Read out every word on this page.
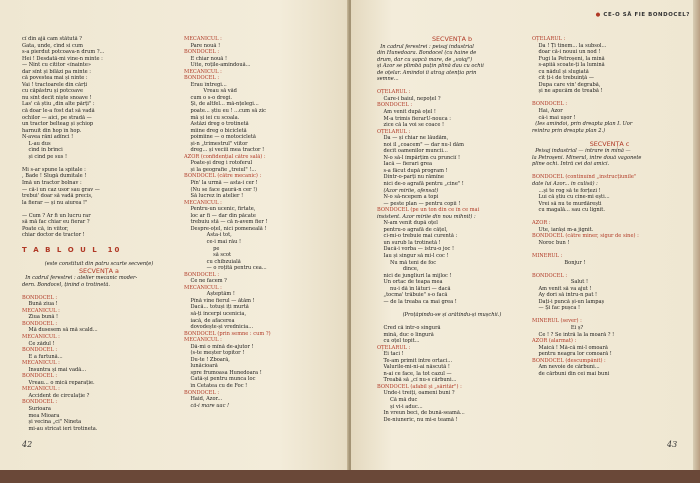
cî din ajă cam stătută ?
Gata, unde, cînd si cum
s-a pierdut potcoava-n drum ?...
Hei ! Desdată-mi vine-n minte :
— Nînt cu cititor «înainte»
dar sînt și bilăzi pa minte :
că povestea mai și ninte :
Vai ! tractoarele din cărți
cu căpăstru și potcoave
nu sînt decît niște snoave !
Las' că știu „din alte părți" :
că doar le-a fost dat să vadă
ochilor — aici, pe stradă —
un tractor belteag și șchiop
harnuit din hop în hop.
N-avea răni adînci !
L-au dus
cînd în brînci
și cînd pe sus !
Mi s-ar spune la spitale :
, Bade ! Slugă dumitale !
Imă un tractor bolnav :
— că-i un caz usor sau grav —
trebui' doar să vadă precis,
la fierar — și nu aiurea !"
— Cum ? Ar fi un lucru rar
să mă fac chiar eu fierar ?
Poate că, în viitor,
chiar doctor de tractor !
T A B L O U L  10
(este constituit din patru scurte secvențe)
SECVENȚA a
In cadrul ferestrei : atelier mecanic moder-
dern. Bondocel, ținînd o trotinetă.
BONDOCEL :
Bună ziua !
MECANICUL :
Ziua bună !
BONDOCEL :
Mă dusesem să mă scald...
MECANICUL :
Ce zădul !
BONDOCEL :
E a furtună...
MECANICUL :
Insuntra și mai vadă...
BONDOCEL :
Vreau... o mică reparație.
MECANICUL :
Accident de circulație ?
BONDOCEL :
Surioara
mea Mioara
și vecina „cî" Nineta
mi-au stricat ieri trotineta.
MECANICUL :
Pare nouă !
BONDOCEL :
E chiar nouă !
Uite, roțile-amîndouă...
MECANICUL :
BONDOCEL :
Erau întregi...
Vreau să văd
cum o s-o dregi.
Și, de altfel... mă-nțelegi...
poate... știu eu ! ...cum să zic
mă și iei cu scoala.
Astăzi dreg o trotinetă
mîine dreg o bicicletă
poimîine — o motocicletă
și-n „trimestrul" viitor
dreg... și veciîi mea tractor !
AZOR (confidențial către sală) :
Poate-și dreg i rotoferul
și la geografie „treiul" !...
BONDOCEL (către mecanic) :
Pîn' la urmă — asta-i cer !
(Nu se face gaură-n cer !)
Să lucrez în atelier !
MECANICUL :
Pentru-un ucenic, firtate,
loc ar fi — dar din păcate
trebuiu stă — că n-avem fier !
Despre-oțel, nici pomeneală !
Asta-i tot,
ce-i mai rău !
pe
să scot
cu chibzuială
— o roțită pentru cea...
BONDOCEL :
Ce ne facem ?
MECANICUL :
Așteptăm !
Pînă vine fierul — ătăm !
Dacă... totuși iți murtă
să-ți încerpi ucenicia,
iacă, de afacerea
dovodește-și vrednicia...
BONDOCEL (prin semne : cum ?)
MECANICUL :
Dă-mi o mînă de-ajutor !
(s-te meșter topitor !
Du-te ! Zboară,
lunăcioară
spre frumoasa Hunedoara !
Cată-și pentru munca loc
în Cetatea cu de Foc !
BONDOCEL :
Haid, Azor...
că-i mare uac !
42
SECVENȚA b
In cadrul ferestrei : peisaj industrial
din Hunedoara. Bondocel (cu haine de
drum, dar cu șapcă mare, de „voiaj")
și Azor se plimbă puțin plină dau cu ochii
de oțelar. Amîndoi îi atrag atenția prin
semne...
OȚELARUL :
Care-i baiul, nepoțel ?
BONDOCEL :
Am venit după oțel !
M-a trimis fierarU-nouca :
zice că la voi se coace !
OȚELARUL :
Da — și chiar ne lăudăm,
noi îl „coacem" — dar nu-l dăm
decît oamenilor muncii...
N-o să-l împărțim cu prunciî !
Iacă — fierari grea
s-a făcut după program !
Dintr-o-parți nu rămîne
nici de-o agrafă pentru „cine" !
(Azor mîrîie, ofensat)
N-o să-ncepem a topi
— peste plan — pentru copii !
BONDOCEL (pe un ton din ce în ce mai
insistent. Azor mîrîie din nou mîhnit) :
N-am venit după oțel
pentru-o agrafă de cățel,
ci-mi-o trebuie mai curentă :
un surub la trotinetă !
Dacă-i vorba — istru-o joc !
Iau și singur să mi-l coc !
Nu mă teni de foc
dince,
nici de jungliuri la mijloc !
Un ortac de teapa mea
nu-i dă în lături — dacă
„tocma' trăbuie" s-o facă
— de la treaba ca mai grea !
(Proțăpindu-se și arătîndu-și mușchii.)
Cred că într-o singură
mînă, duc o lingură
cu oțel topit...
OȚELARUL :
Ei taci !
Te-am primit între ortaci...
Valurile-mi-ni-ai născută !
n-ai ce face, la tot cazul —
Treabă să „cî nu-s cărbuni...
BONDOCEL (afabil și „sărităr") :
Unde-i treiți, oameni buni ?
Că mă duc
și vi-i aduc...
In vreun beci, de bună-seamă...
De-niuneric, nu mi-e teamă !
OȚELARUL :
Da ! Ți tinem... la subsol...
doar că-i nouui un nod !
Fugi la Petroșeni, la mină
s-apiiă scoate-ți la lumină
cu nădul și slugiată
cît ți-i de trebuință —
Dupa care vin' degrabă,
și ne apucăm de treabă !
BONDOCEL :
Hai, Azor
că-i mai ușor !
(Ies amîndoi, prin dreapta plan I. Uor
reintra prin dreapta plan 2.)
SECVENȚA c
Peisaj industrial — intrare în mină —
la Petroșeni. Minerul, intre două vagonete
plîne ochi. Intră cei doi amici.
BONDOCEL (continuînd „instrucțiunile"
date lui Azor... în culisă) :
...și te rog să te forțezi !
Luí că știu cu cine-mi ești...
Vrei să nu te murdărești
cu magală... sau cu lignit.
AZOR :
Ute, iarăși m-a jignit.
BONDOCEL (către miner, sigur de sine) :
Noroc bun !
MINERUL :
Bonjur !
BONDOCEL :
Salut !
Am venit să va ajut !
Ay dori să intru-n pat !
Dați-i puncă și-un lampaș
— Și fac pușca !
MINERUL (sever) :
Ei ș?
Ce ! ? Se intră la la moară ? !
AZOR (alarmat) :
Maică ! Mă-că mi-l omoară
pentru neagra lor comoară !
BONDOCEL (descumpănit) :
Am nevoie de cărbuni...
de cărbuni din cei mai buni
43
● CE-O SĂ FIE BONDOCEL?
